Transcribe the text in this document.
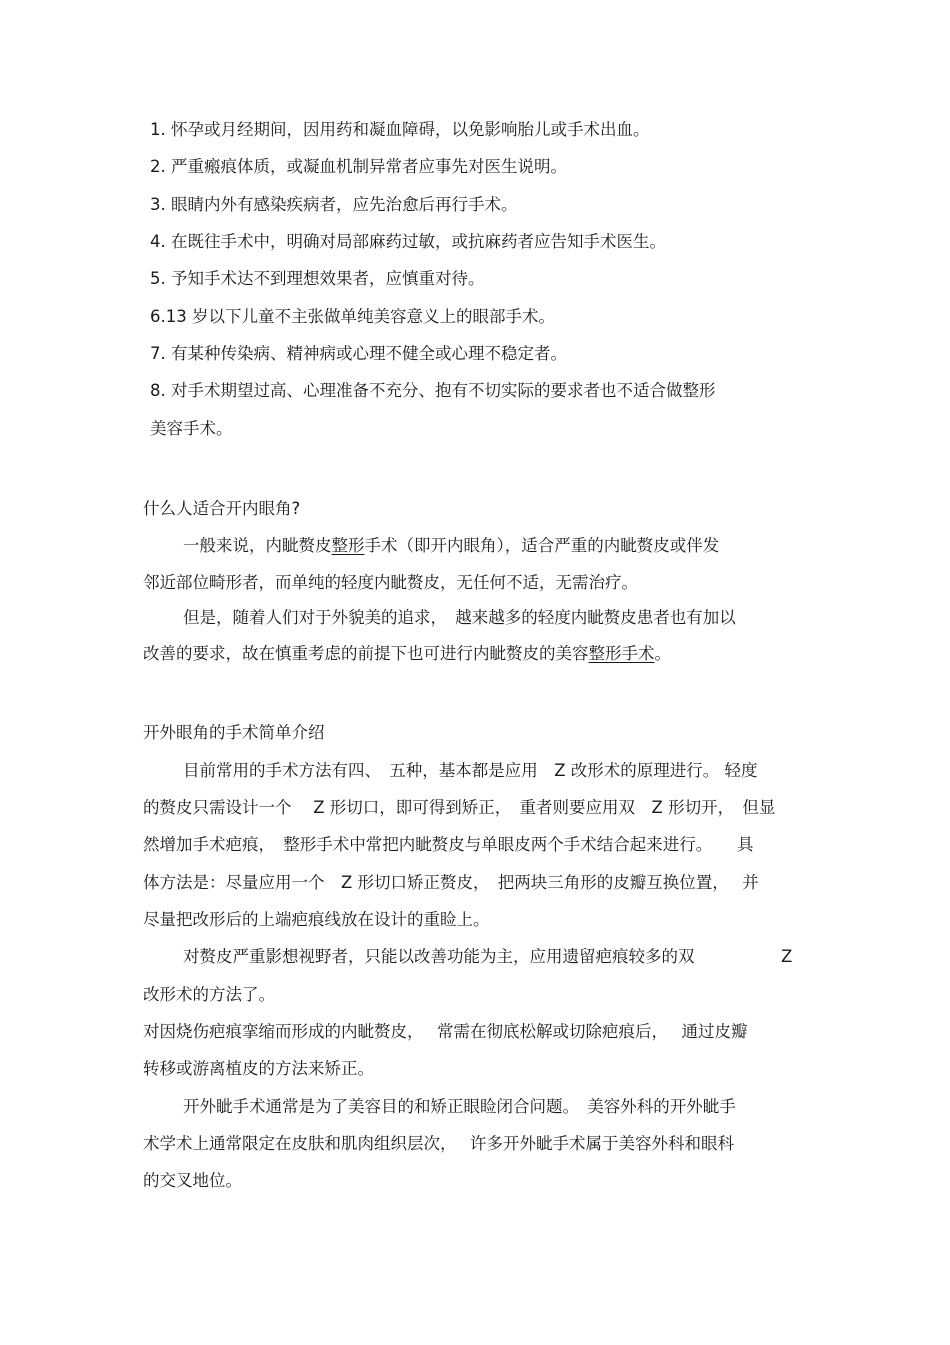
1. 怀孕或月经期间，因用药和凝血障碍，以免影响胎儿或手术出血。
2. 严重瘢痕体质，或凝血机制异常者应事先对医生说明。
3. 眼睛内外有感染疾病者，应先治愈后再行手术。
4. 在既往手术中，明确对局部麻药过敏，或抗麻药者应告知手术医生。
5. 予知手术达不到理想效果者，应慎重对待。
6.13 岁以下儿童不主张做单纯美容意义上的眼部手术。
7. 有某种传染病、精神病或心理不健全或心理不稳定者。
8. 对手术期望过高、心理准备不充分、抱有不切实际的要求者也不适合做整形
美容手术。
什么人适合开内眼角?
一般来说，内眦赘皮整形手术（即开内眼角），适合严重的内眦赘皮或伴发
邻近部位畸形者，而单纯的轻度内眦赘皮，无任何不适，无需治疗。
但是，随着人们对于外貌美的追求，　越来越多的轻度内眦赘皮患者也有加以
改善的要求，故在慎重考虑的前提下也可进行内眦赘皮的美容整形手术。
开外眼角的手术简单介绍
目前常用的手术方法有四、　五种，基本都是应用　Z 改形术的原理进行。 轻度
的赘皮只需设计一个　 Z 形切口，即可得到矫正，　重者则要应用双　Z 形切开，　但显
然增加手术疤痕，　整形手术中常把内眦赘皮与单眼皮两个手术结合起来进行。　　具
体方法是：尽量应用一个　Z 形切口矫正赘皮，　把两块三角形的皮瓣互换位置，　 并
尽量把改形后的上端疤痕线放在设计的重睑上。
对赘皮严重影想视野者，只能以改善功能为主，应用遗留疤痕较多的双	Z
改形术的方法了。
对因烧伤疤痕挛缩而形成的内眦赘皮，　 常需在彻底松解或切除疤痕后，　 通过皮瓣
转移或游离植皮的方法来矫正。
开外眦手术通常是为了美容目的和矫正眼睑闭合问题。　美容外科的开外眦手
术学术上通常限定在皮肤和肌肉组织层次，　 许多开外眦手术属于美容外科和眼科
的交叉地位。
